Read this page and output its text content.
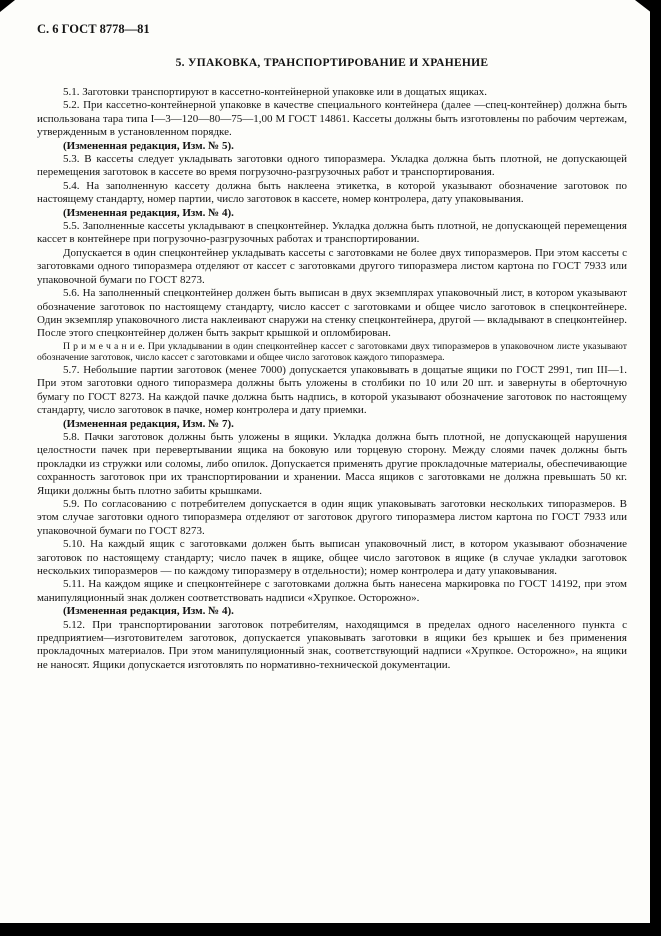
С. 6 ГОСТ 8778—81
5. УПАКОВКА, ТРАНСПОРТИРОВАНИЕ И ХРАНЕНИЕ

5.1. Заготовки транспортируют в кассетно-контейнерной упаковке или в дощатых ящиках.

5.2. При кассетно-контейнерной упаковке в качестве специального контейнера (далее —спец-контейнер) должна быть использована тара типа I—3—120—80—75—1,00 М ГОСТ 14861. Кассеты должны быть изготовлены по рабочим чертежам, утвержденным в установленном порядке.

(Измененная редакция, Изм. № 5).

5.3. В кассеты следует укладывать заготовки одного типоразмера. Укладка должна быть плотной, не допускающей перемещения заготовок в кассете во время погрузочно-разгрузочных работ и транспортирования.

5.4. На заполненную кассету должна быть наклеена этикетка, в которой указывают обозначение заготовок по настоящему стандарту, номер партии, число заготовок в кассете, номер контролера, дату упаковывания.

(Измененная редакция, Изм. № 4).

5.5. Заполненные кассеты укладывают в спецконтейнер. Укладка должна быть плотной, не допускающей перемещения кассет в контейнере при погрузочно-разгрузочных работах и транспортировании.

Допускается в один спецконтейнер укладывать кассеты с заготовками не более двух типоразмеров. При этом кассеты с заготовками одного типоразмера отделяют от кассет с заготовками другого типоразмера листом картона по ГОСТ 7933 или упаковочной бумаги по ГОСТ 8273.

5.6. На заполненный спецконтейнер должен быть выписан в двух экземплярах упаковочный лист, в котором указывают обозначение заготовок по настоящему стандарту, число кассет с заготовками и общее число заготовок в спецконтейнере. Один экземпляр упаковочного листа наклеивают снаружи на стенку спецконтейнера, другой — вкладывают в спецконтейнер. После этого спецконтейнер должен быть закрыт крышкой и опломбирован.

П р и м е ч а н и е. При укладывании в один спецконтейнер кассет с заготовками двух типоразмеров в упаковочном листе указывают обозначение заготовок, число кассет с заготовками и общее число заготовок каждого типоразмера.

5.7. Небольшие партии заготовок (менее 7000) допускается упаковывать в дощатые ящики по ГОСТ 2991, тип III—1. При этом заготовки одного типоразмера должны быть уложены в столбики по 10 или 20 шт. и завернуты в оберточную бумагу по ГОСТ 8273. На каждой пачке должна быть надпись, в которой указывают обозначение заготовок по настоящему стандарту, число заготовок в пачке, номер контролера и дату приемки.

(Измененная редакция, Изм. № 7).

5.8. Пачки заготовок должны быть уложены в ящики. Укладка должна быть плотной, не допускающей нарушения целостности пачек при перевертывании ящика на боковую или торцевую сторону. Между слоями пачек должны быть прокладки из стружки или соломы, либо опилок. Допускается применять другие прокладочные материалы, обеспечивающие сохранность заготовок при их транспортировании и хранении. Масса ящиков с заготовками не должна превышать 50 кг. Ящики должны быть плотно забиты крышками.

5.9. По согласованию с потребителем допускается в один ящик упаковывать заготовки нескольких типоразмеров. В этом случае заготовки одного типоразмера отделяют от заготовок другого типоразмера листом картона по ГОСТ 7933 или упаковочной бумаги по ГОСТ 8273.

5.10. На каждый ящик с заготовками должен быть выписан упаковочный лист, в котором указывают обозначение заготовок по настоящему стандарту; число пачек в ящике, общее число заготовок в ящике (в случае укладки заготовок нескольких типоразмеров — по каждому типоразмеру в отдельности); номер контролера и дату упаковывания.

5.11. На каждом ящике и спецконтейнере с заготовками должна быть нанесена маркировка по ГОСТ 14192, при этом манипуляционный знак должен соответствовать надписи «Хрупкое. Осторожно».

(Измененная редакция, Изм. № 4).

5.12. При транспортировании заготовок потребителям, находящимся в пределах одного населенного пункта с предприятием—изготовителем заготовок, допускается упаковывать заготовки в ящики без крышек и без применения прокладочных материалов. При этом манипуляционный знак, соответствующий надписи «Хрупкое. Осторожно», на ящики не наносят. Ящики допускается изготовлять по нормативно-технической документации.
